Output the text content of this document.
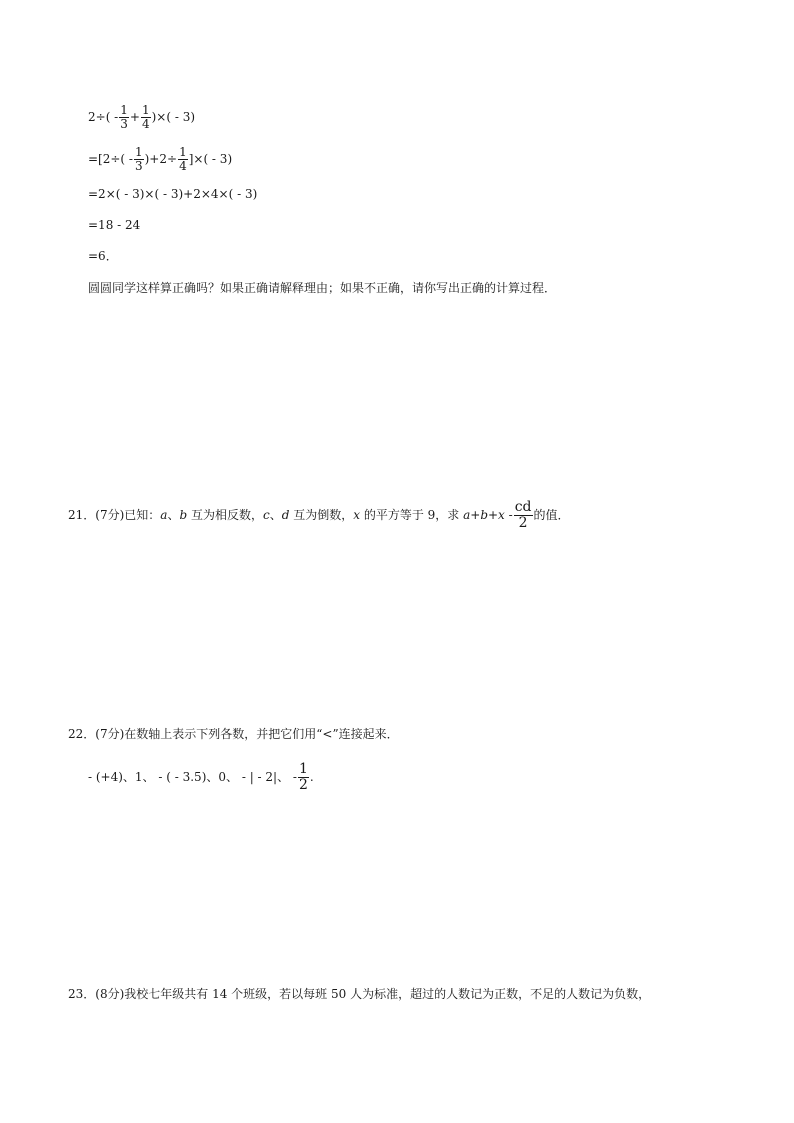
$2\div( - \frac{1}{3} + \frac{1}{4}$ )×( - 3)
$=[2\div( - \frac{1}{3} )+2\div \frac{1}{4}$ ]×( - 3)
=2×( - 3)×( - 3)+2×4×( - 3)
=18 - 24
=6．
圆圆同学这样算正确吗？如果正确请解释理由；如果不正确，请你写出正确的计算过程．
21．(7分)已知：a、b 互为相反数，c、d 互为倒数，x 的平方等于 9，求 $a+b+x - \frac{cd}{2}$ 的值．
22．(7分)在数轴上表示下列各数，并把它们用“<”连接起来．
- (+4)、1、 - ( - 3.5)、0、 - | - 2|、 - $\frac{1}{2}$ .
23．(8分)我校七年级共有 14 个班级，若以每班 50 人为标准，超过的人数记为正数，不足的人数记为负数，
